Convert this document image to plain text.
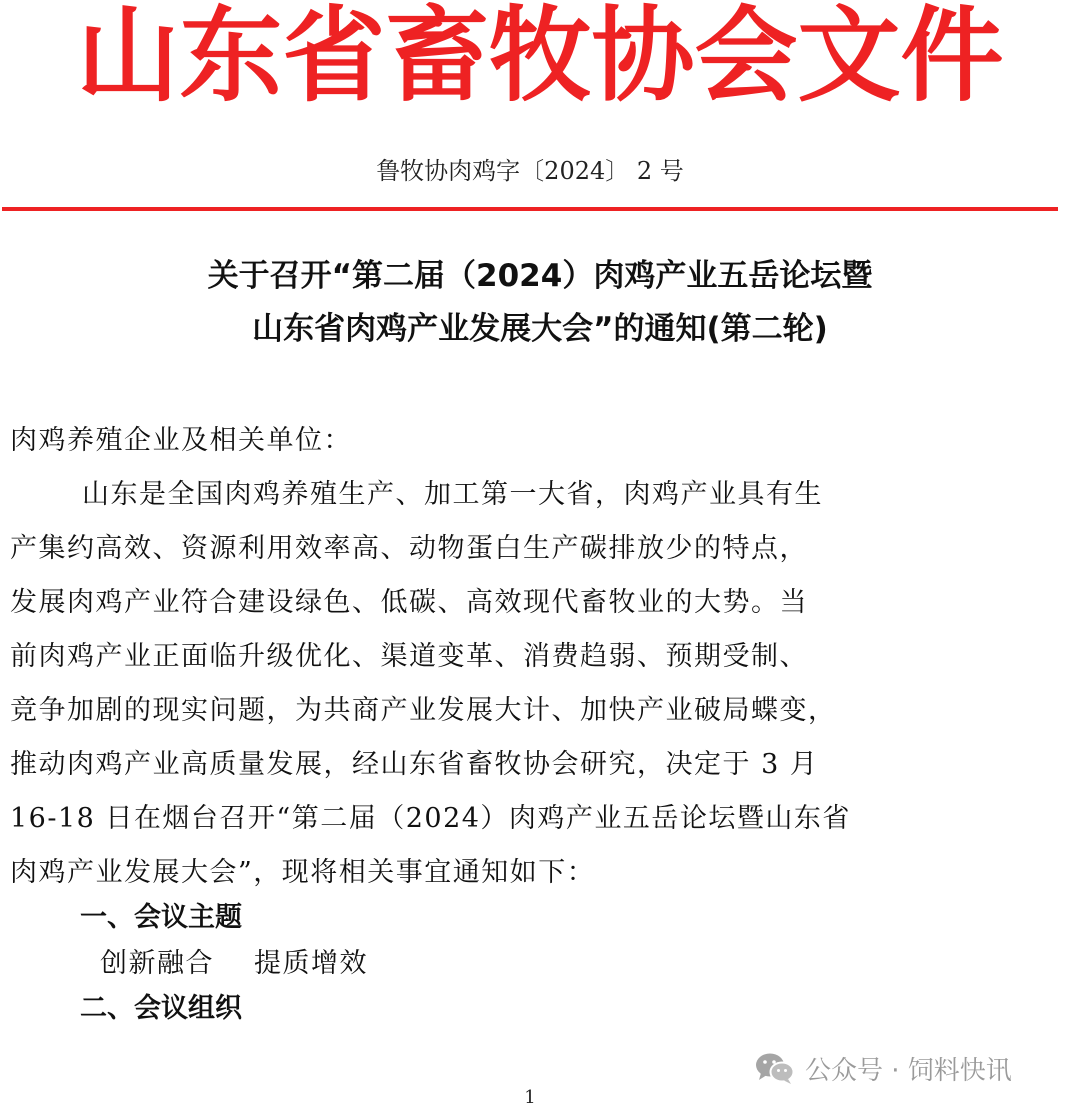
山东省畜牧协会文件
鲁牧协肉鸡字〔2024〕 2 号
关于召开“第二届（2024）肉鸡产业五岳论坛暨
山东省肉鸡产业发展大会”的通知(第二轮)
肉鸡养殖企业及相关单位：
山东是全国肉鸡养殖生产、加工第一大省，肉鸡产业具有生
产集约高效、资源利用效率高、动物蛋白生产碳排放少的特点，
发展肉鸡产业符合建设绿色、低碳、高效现代畜牧业的大势。当
前肉鸡产业正面临升级优化、渠道变革、消费趋弱、预期受制、
竞争加剧的现实问题，为共商产业发展大计、加快产业破局蝶变，
推动肉鸡产业高质量发展，经山东省畜牧协会研究，决定于 3 月
16-18 日在烟台召开“第二届（2024）肉鸡产业五岳论坛暨山东省
肉鸡产业发展大会”，现将相关事宜通知如下：
一、会议主题
创新融合 提质增效
二、会议组织
公众号 · 饲料快讯
1
